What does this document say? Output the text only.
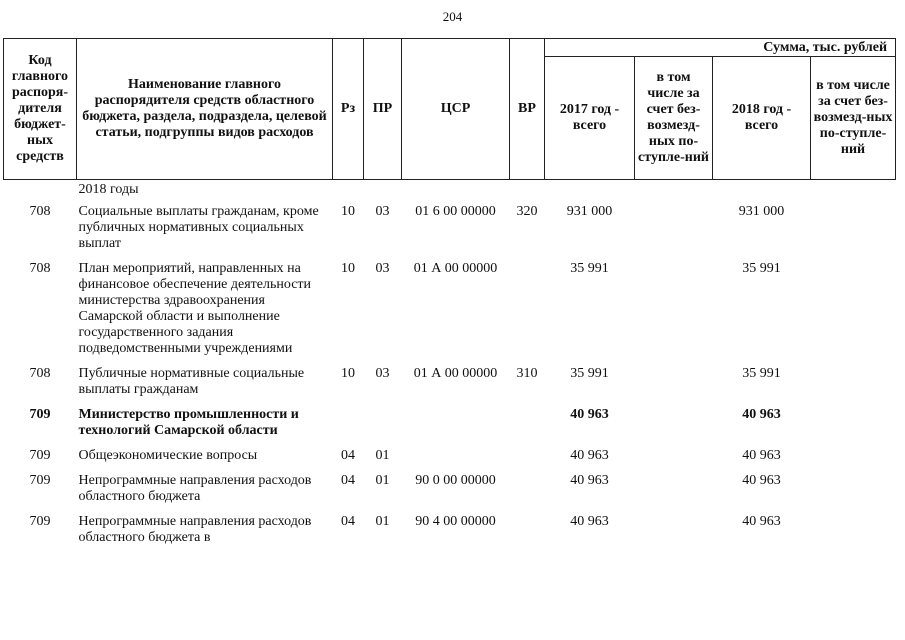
204
Код главного распоря-дителя бюджет-ных средств	Наименование главного распорядителя средств областного бюджета, раздела, подраздела, целевой статьи, подгруппы видов расходов	Рз	ПР	ЦСР	ВР	Сумма, тыс. рублей			
						2017 год - всего	в том числе за счет без-возмезд-ных по-ступле-ний	2018 год - всего	в том числе за счет без-возмезд-ных по-ступле-ний
	2018 годы								
708	Социальные выплаты гражданам, кроме публичных нормативных социальных выплат	10	03	01 6 00 00000	320	931 000		931 000	
708	План мероприятий, направленных на финансовое обеспечение деятельности министерства здравоохранения Самарской области и выполнение государственного задания подведомственными учреждениями	10	03	01 А 00 00000		35 991		35 991	
708	Публичные нормативные социальные выплаты гражданам	10	03	01 А 00 00000	310	35 991		35 991	
709	Министерство промышленности и технологий Самарской области					40 963		40 963	
709	Общеэкономические вопросы	04	01			40 963		40 963	
709	Непрограммные направления расходов областного бюджета	04	01	90 0 00 00000		40 963		40 963	
709	Непрограммные направления расходов областного бюджета в	04	01	90 4 00 00000		40 963		40 963	
